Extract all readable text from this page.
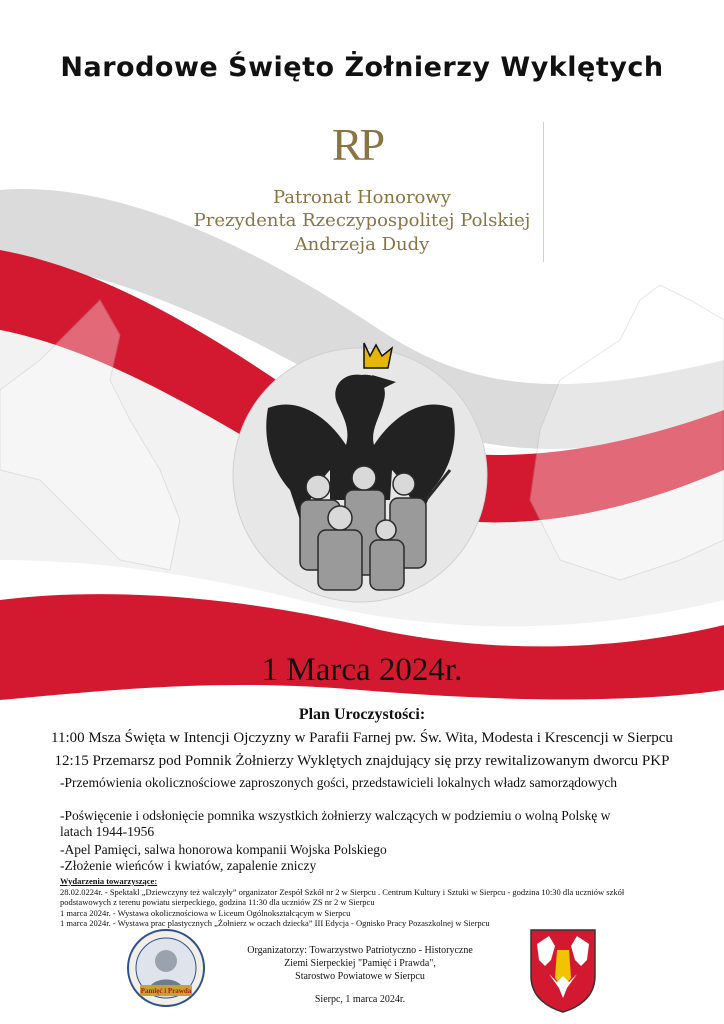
Narodowe Święto Żołnierzy Wyklętych
RP
Patronat Honorowy
Prezydenta Rzeczypospolitej Polskiej
Andrzeja Dudy
1 Marca 2024r.
Plan Uroczystości:
11:00 Msza Święta w Intencji Ojczyzny w Parafii Farnej pw. Św. Wita, Modesta i Krescencji w Sierpcu
12:15 Przemarsz pod Pomnik Żołnierzy Wyklętych znajdujący się przy rewitalizowanym dworcu PKP
-Przemówienia okolicznościowe zaproszonych gości, przedstawicieli lokalnych władz samorządowych
-Poświęcenie i odsłonięcie pomnika wszystkich żołnierzy walczących w podziemiu o wolną Polskę w latach 1944-1956
-Apel Pamięci, salwa honorowa kompanii Wojska Polskiego
-Złożenie wieńców i kwiatów, zapalenie zniczy
Wydarzenia towarzyszące:
28.02.0224r. - Spektakl „Dziewczyny też walczyły” organizator Zespół Szkół nr 2 w Sierpcu . Centrum Kultury i Sztuki w Sierpcu - godzina 10:30 dla uczniów szkół podstawowych z terenu powiatu sierpeckiego, godzina 11:30 dla uczniów ZS nr 2 w Sierpcu
1 marca 2024r. - Wystawa okolicznościowa w Liceum Ogólnokształcącym w Sierpcu
1 marca 2024r. - Wystawa prac plastycznych „Żołnierz w oczach dziecka” III Edycja - Ognisko Pracy Pozaszkolnej w Sierpcu
Pamięć i Prawda
Organizatorzy: Towarzystwo Patriotyczno - Historyczne
Ziemi Sierpeckiej "Pamięć i Prawda",
Starostwo Powiatowe w Sierpcu
Sierpc, 1 marca 2024r.
